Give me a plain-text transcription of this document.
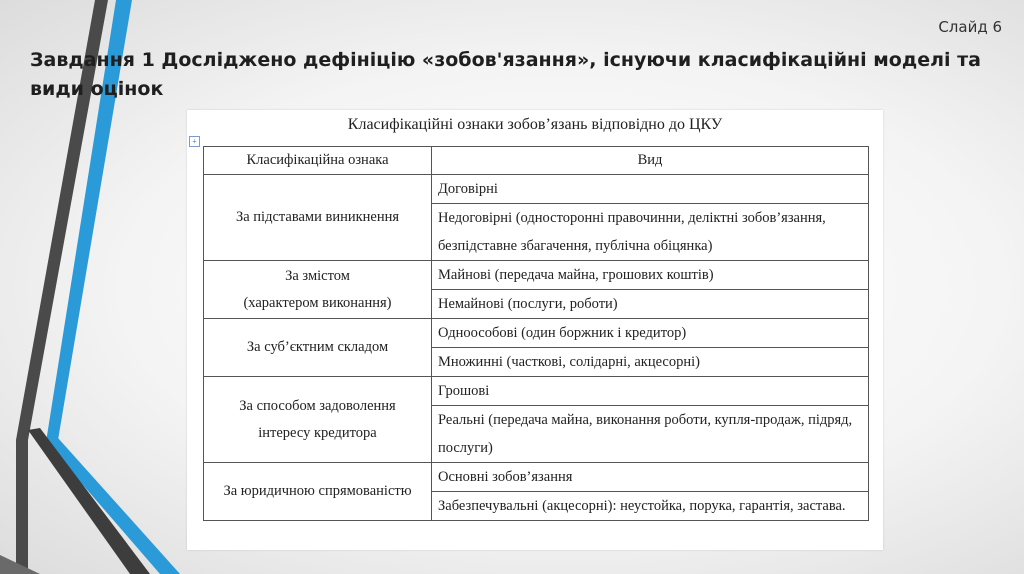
Слайд 6
Завдання 1 Досліджено дефініцію «зобов'язання», існуючи класифікаційні моделі та види оцінок
Класифікаційні ознаки зобов’язань відповідно до ЦКУ
+
Класифікаційна ознака	Вид

За підставами виникнення	Договірні
	Недоговірні (односторонні правочинни, деліктні зобов’язання, безпідставне збагачення, публічна обіцянка)

За змістом
(характером виконання)	Майнові (передача майна, грошових коштів)
	Немайнові (послуги, роботи)

За суб’єктним складом	Одноособові (один боржник і кредитор)
	Множинні (часткові, солідарні, акцесорні)

За способом задоволення
інтересу кредитора	Грошові
	Реальні (передача майна, виконання роботи, купля-продаж, підряд, послуги)

За юридичною спрямованістю	Основні зобов’язання
	Забезпечувальні (акцесорні): неустойка, порука, гарантія, застава.
